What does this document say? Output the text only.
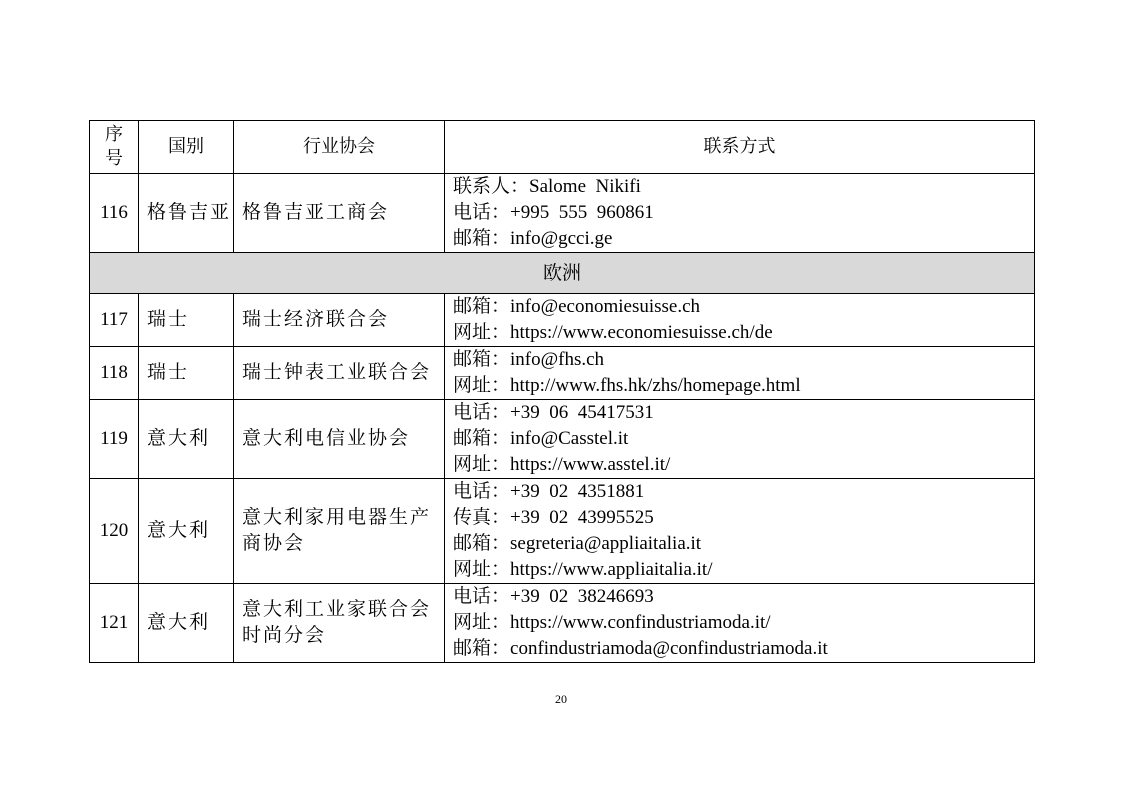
序号	国别	行业协会	联系方式
116	格鲁吉亚	格鲁吉亚工商会	联系人：Salome  Nikifi
电话：+995  555  960861
邮箱：info@gcci.ge

欧洲			
117	瑞士	瑞士经济联合会	邮箱：info@economiesuisse.ch
网址：https://www.economiesuisse.ch/de

118	瑞士	瑞士钟表工业联合会	邮箱：info@fhs.ch
网址：http://www.fhs.hk/zhs/homepage.html

119	意大利	意大利电信业协会	电话：+39  06  45417531
邮箱：info@Casstel.it
网址：https://www.asstel.it/

120	意大利	意大利家用电器生产商协会	电话：+39  02  4351881
传真：+39  02  43995525
邮箱：segreteria@appliaitalia.it
网址：https://www.appliaitalia.it/

121	意大利	意大利工业家联合会时尚分会	电话：+39  02  38246693
网址：https://www.confindustriamoda.it/
邮箱：confindustriamoda@confindustriamoda.it
20
